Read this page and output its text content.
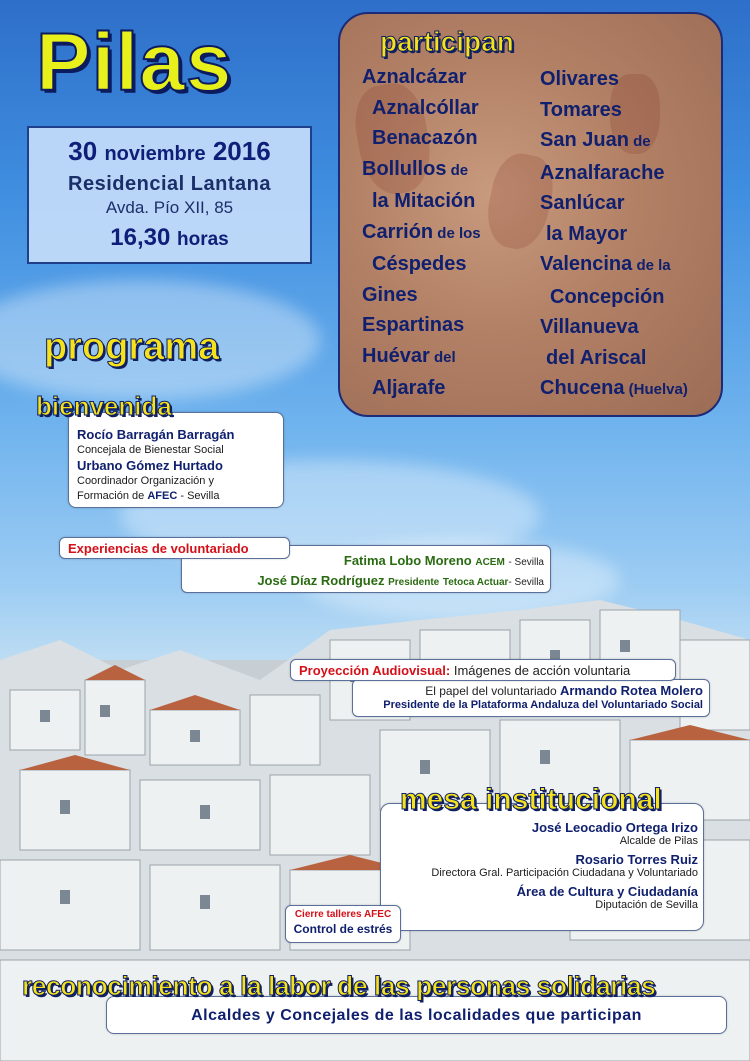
Pilas
30 noviembre 2016
Residencial Lantana
Avda. Pío XII, 85
16,30 horas
participan
Aznalcázar
Aznalcóllar
Benacazón
Bollullos de
la Mitación
Carrión de los
Céspedes
Gines
Espartinas
Huévar del
Aljarafe
Olivares
Tomares
San Juan de
Aznalfarache
Sanlúcar
la Mayor
Valencina de la
Concepción
Villanueva
del Ariscal
Chucena (Huelva)
programa
Rocío Barragán Barragán
Concejala de Bienestar Social
Urbano Gómez Hurtado
Coordinador Organización y
Formación de AFEC - Sevilla
bienvenida
Fatima Lobo Moreno ACEM - Sevilla
José Díaz Rodríguez Presidente Tetoca Actuar- Sevilla
Experiencias de voluntariado
El papel del voluntariado Armando Rotea Molero
Presidente de la Plataforma Andaluza del Voluntariado Social
Proyección Audiovisual: Imágenes de acción voluntaria
José Leocadio Ortega Irizo
Alcalde de Pilas
Rosario Torres Ruiz
Directora Gral. Participación Ciudadana y Voluntariado
Área de Cultura y Ciudadanía
Diputación de Sevilla
mesa institucional
Cierre talleres AFEC
Control de estrés
Alcaldes y Concejales de las localidades que participan
reconocimiento a la labor de las personas solidarias
